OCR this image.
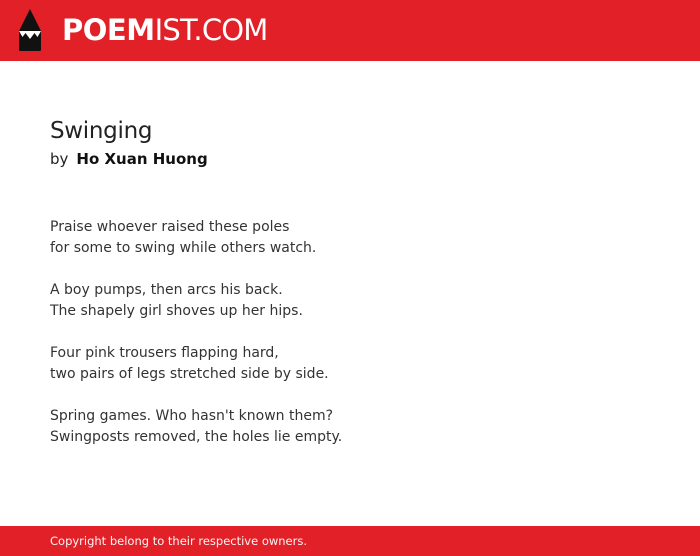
POEM IST.COM
Swinging
by Ho Xuan Huong

Praise whoever raised these poles
for some to swing while others watch.

A boy pumps, then arcs his back.
The shapely girl shoves up her hips.

Four pink trousers flapping hard,
two pairs of legs stretched side by side.

Spring games. Who hasn't known them?
Swingposts removed, the holes lie empty.

Copyright belong to their respective owners.
